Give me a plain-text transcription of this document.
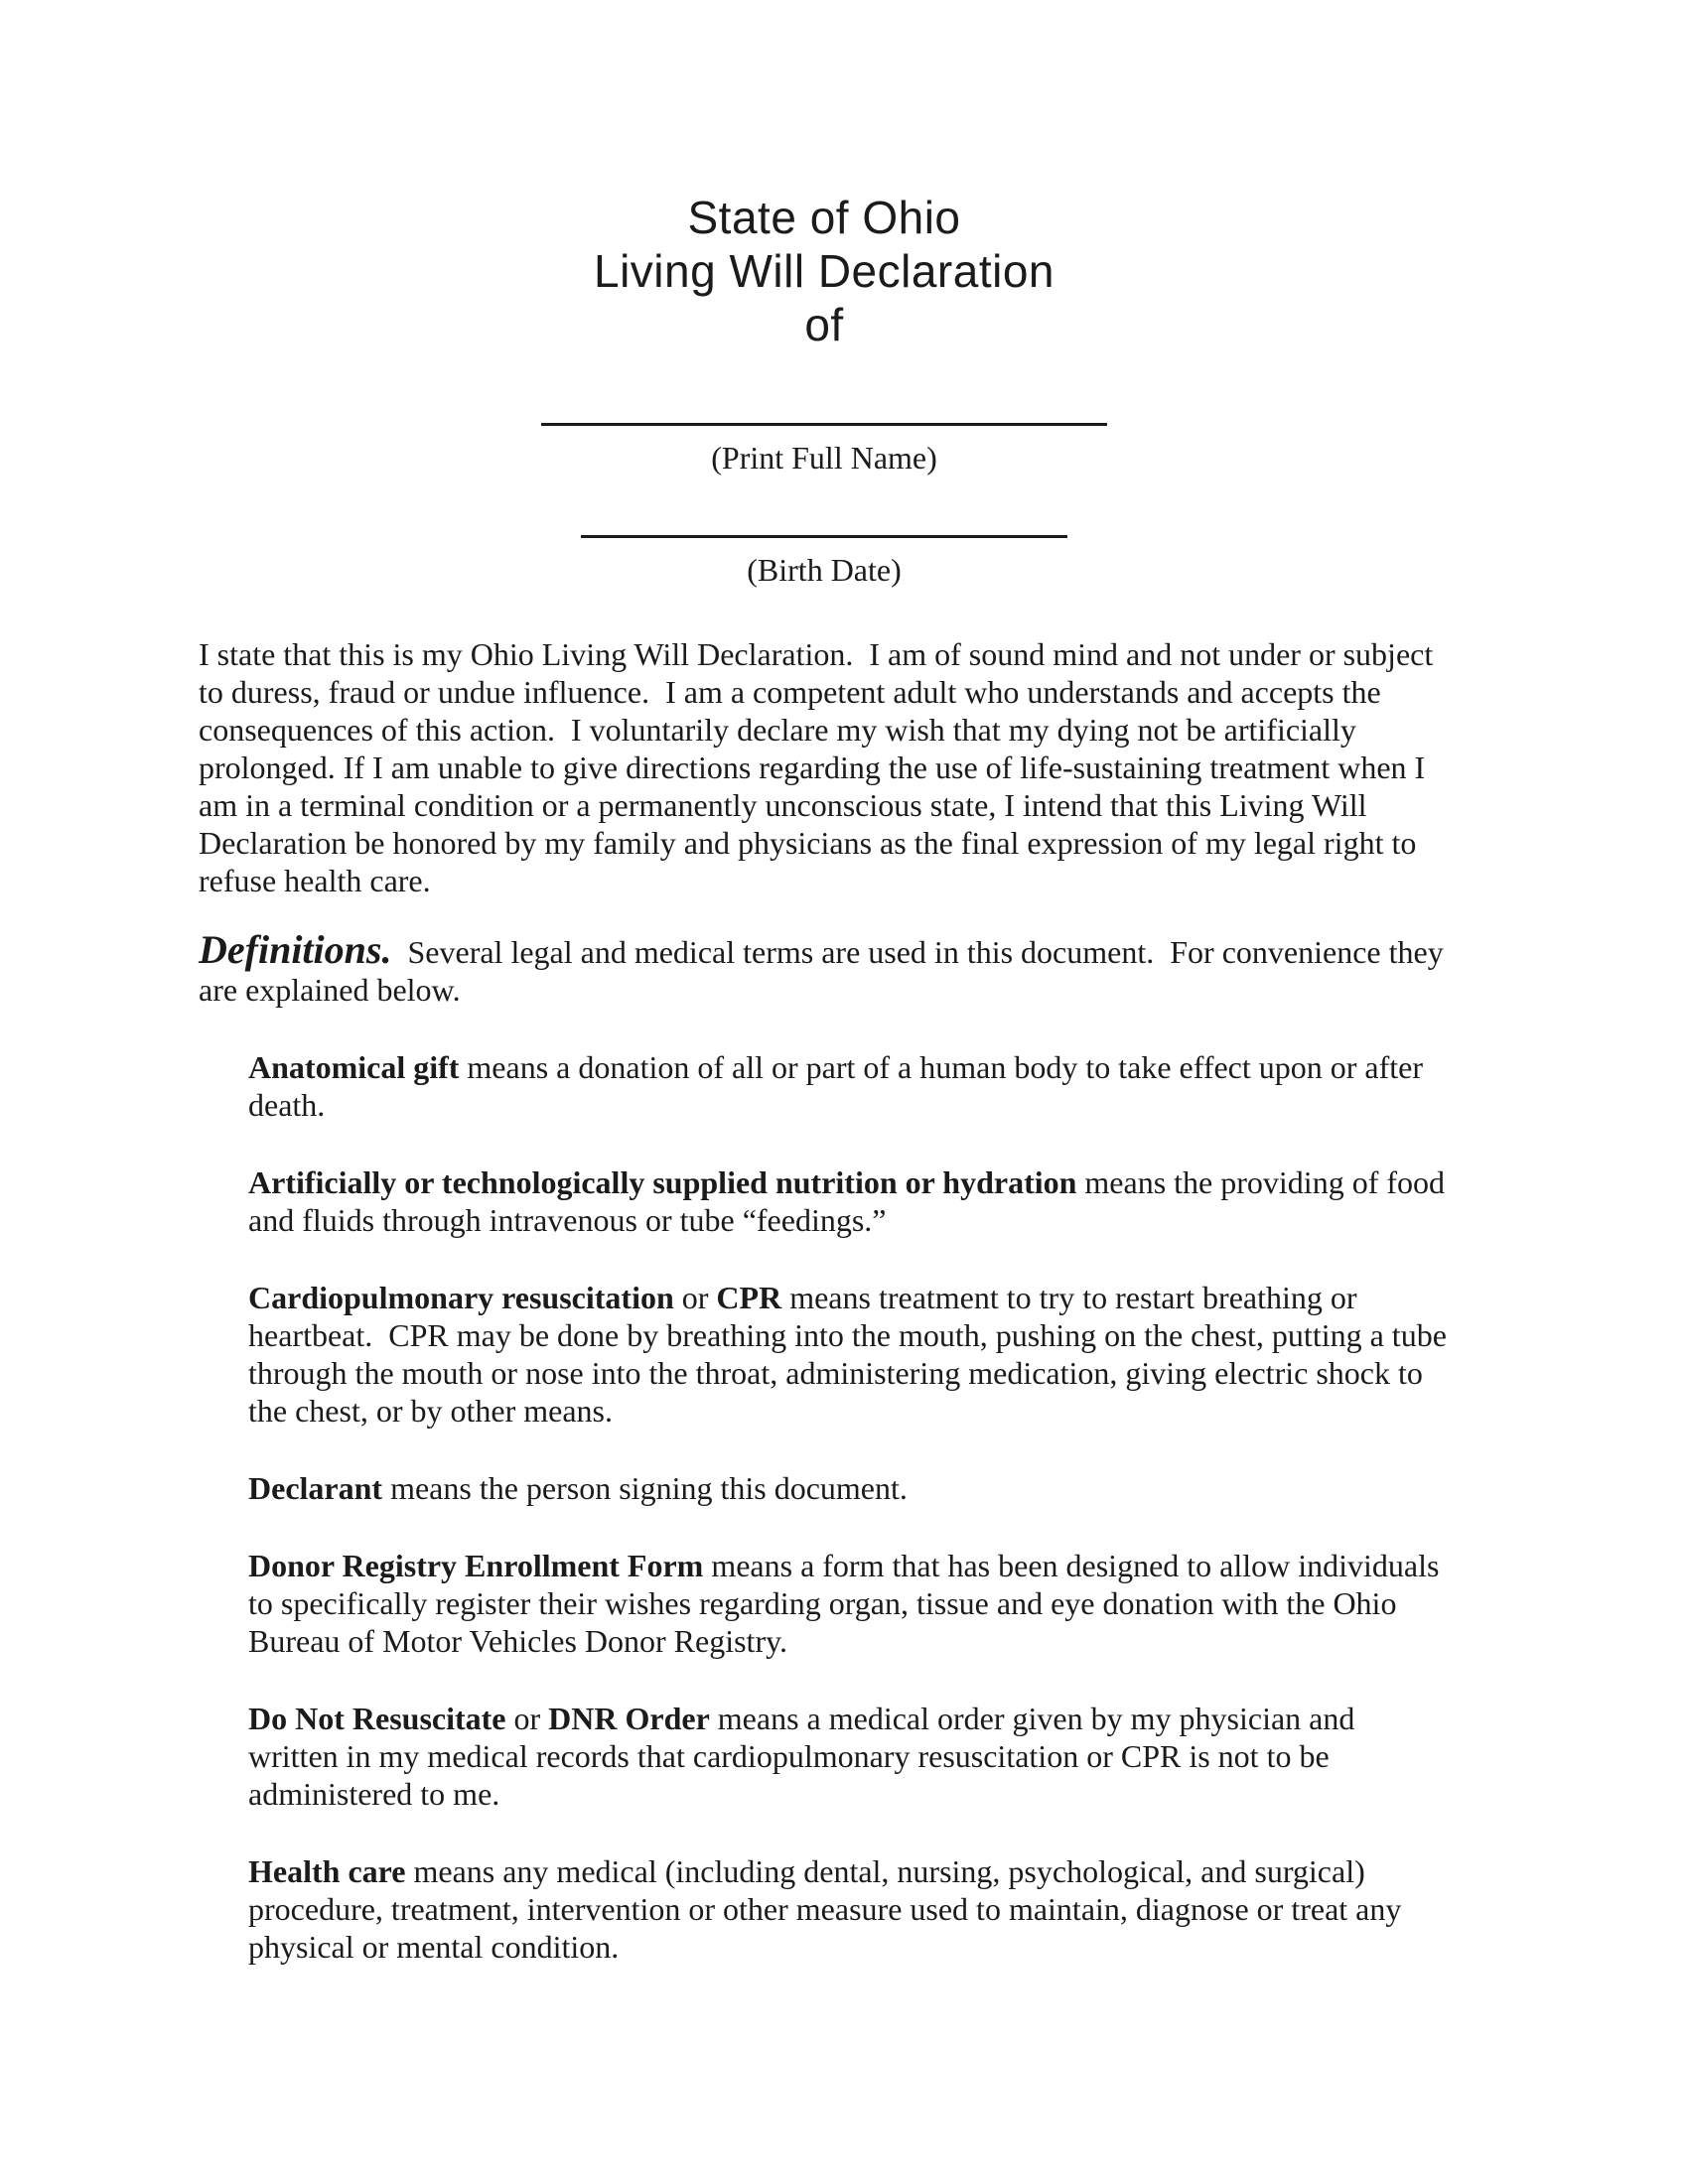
State of Ohio
Living Will Declaration
of
(Print Full Name)
(Birth Date)

I state that this is my Ohio Living Will Declaration.  I am of sound mind and not under or subject to duress, fraud or undue influence.  I am a competent adult who understands and accepts the consequences of this action.  I voluntarily declare my wish that my dying not be artificially prolonged. If I am unable to give directions regarding the use of life-sustaining treatment when I am in a terminal condition or a permanently unconscious state, I intend that this Living Will Declaration be honored by my family and physicians as the final expression of my legal right to refuse health care.

Definitions.  Several legal and medical terms are used in this document.  For convenience they are explained below.

Anatomical gift means a donation of all or part of a human body to take effect upon or after death.

Artificially or technologically supplied nutrition or hydration means the providing of food and fluids through intravenous or tube “feedings.”

Cardiopulmonary resuscitation or CPR means treatment to try to restart breathing or heartbeat.  CPR may be done by breathing into the mouth, pushing on the chest, putting a tube through the mouth or nose into the throat, administering medication, giving electric shock to the chest, or by other means.

Declarant means the person signing this document.

Donor Registry Enrollment Form means a form that has been designed to allow individuals to specifically register their wishes regarding organ, tissue and eye donation with the Ohio Bureau of Motor Vehicles Donor Registry.

Do Not Resuscitate or DNR Order means a medical order given by my physician and written in my medical records that cardiopulmonary resuscitation or CPR is not to be administered to me.

Health care means any medical (including dental, nursing, psychological, and surgical) procedure, treatment, intervention or other measure used to maintain, diagnose or treat any physical or mental condition.
